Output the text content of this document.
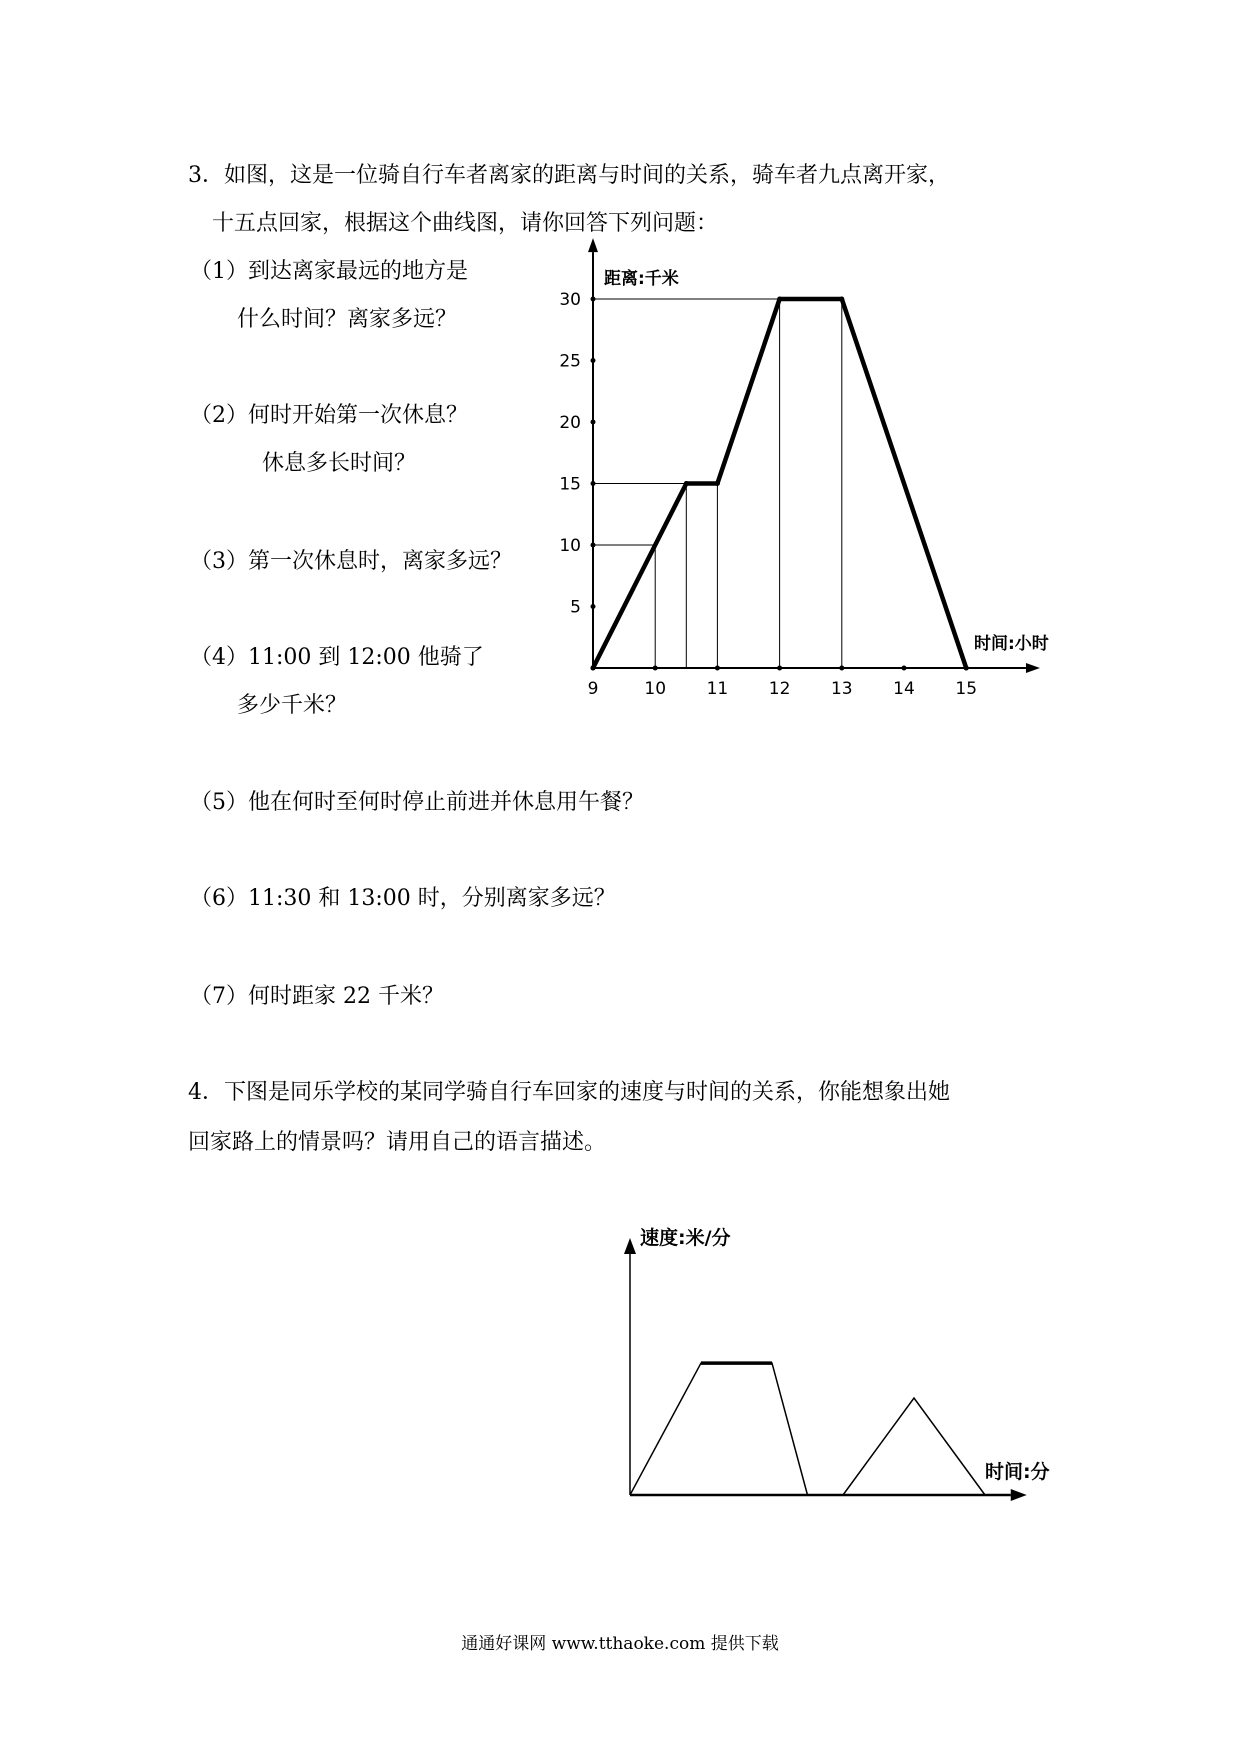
3．如图，这是一位骑自行车者离家的距离与时间的关系，骑车者九点离开家，

十五点回家，根据这个曲线图，请你回答下列问题：

（1）到达离家最远的地方是

什么时间？离家多远？

（2）何时开始第一次休息？

休息多长时间？

（3）第一次休息时，离家多远？

（4）11:00 到 12:00 他骑了

多少千米？

（5）他在何时至何时停止前进并休息用午餐？

（6）11:30 和 13:00 时，分别离家多远？

（7）何时距家 22 千米？

4．下图是同乐学校的某同学骑自行车回家的速度与时间的关系，你能想象出她

回家路上的情景吗？请用自己的语言描述。

9	10 11 12 13 14 15
5
10
15
20
25
30
距离:千米
时间:小时
速度:米/分
时间:分
通通好课网 www.tthaoke.com 提供下载
